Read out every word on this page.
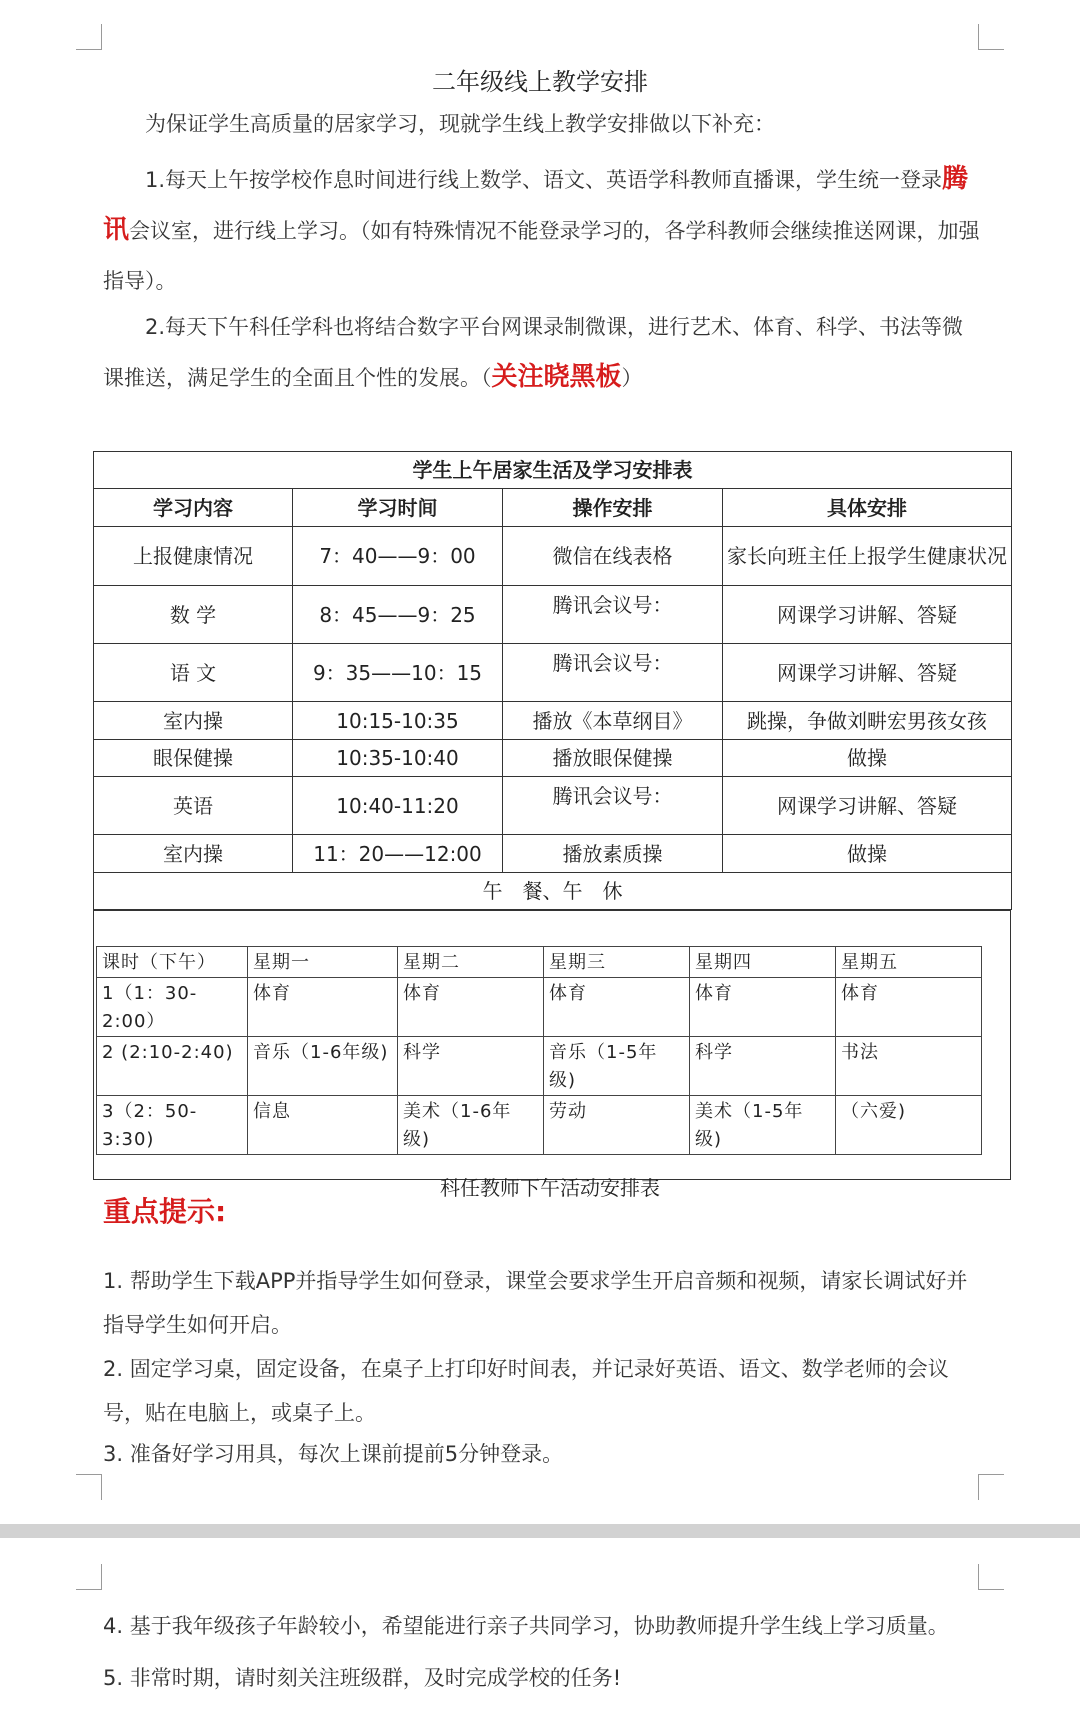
二年级线上教学安排
为保证学生高质量的居家学习，现就学生线上教学安排做以下补充：
1.每天上午按学校作息时间进行线上数学、语文、英语学科教师直播课，学生统一登录腾讯会议室，进行线上学习。（如有特殊情况不能登录学习的，各学科教师会继续推送网课，加强指导）。
2.每天下午科任学科也将结合数字平台网课录制微课，进行艺术、体育、科学、书法等微课推送，满足学生的全面且个性的发展。（关注晓黑板）
学生上午居家生活及学习安排表			
学习内容	学习时间	操作安排	具体安排
上报健康情况	7：40——9：00	微信在线表格	家长向班主任上报学生健康状况
数 学	8：45——9：25	腾讯会议号：	网课学习讲解、答疑
语 文	9：35——10：15	腾讯会议号：	网课学习讲解、答疑
室内操	10:15-10:35	播放《本草纲目》	跳操，争做刘畊宏男孩女孩
眼保健操	10:35-10:40	播放眼保健操	做操
英语	10:40-11:20	腾讯会议号：	网课学习讲解、答疑
室内操	11：20——12:00	播放素质操	做操
午　餐、午　休			
课时（下午）	星期一	星期二	星期三	星期四	星期五
1（1：30-2:00）	体育	体育	体育	体育	体育
2 (2:10-2:40)	音乐（1-6年级)	科学	音乐（1-5年级)	科学	书法
3（2：50-3:30)	信息	美术（1-6年级)	劳动	美术（1-5年级)	（六爱)
科任教师下午活动安排表
重点提示:
1. 帮助学生下载APP并指导学生如何登录，课堂会要求学生开启音频和视频，请家长调试好并指导学生如何开启。
2. 固定学习桌，固定设备，在桌子上打印好时间表，并记录好英语、语文、数学老师的会议号，贴在电脑上，或桌子上。
3. 准备好学习用具，每次上课前提前5分钟登录。
4. 基于我年级孩子年龄较小，希望能进行亲子共同学习，协助教师提升学生线上学习质量。
5. 非常时期，请时刻关注班级群，及时完成学校的任务!
